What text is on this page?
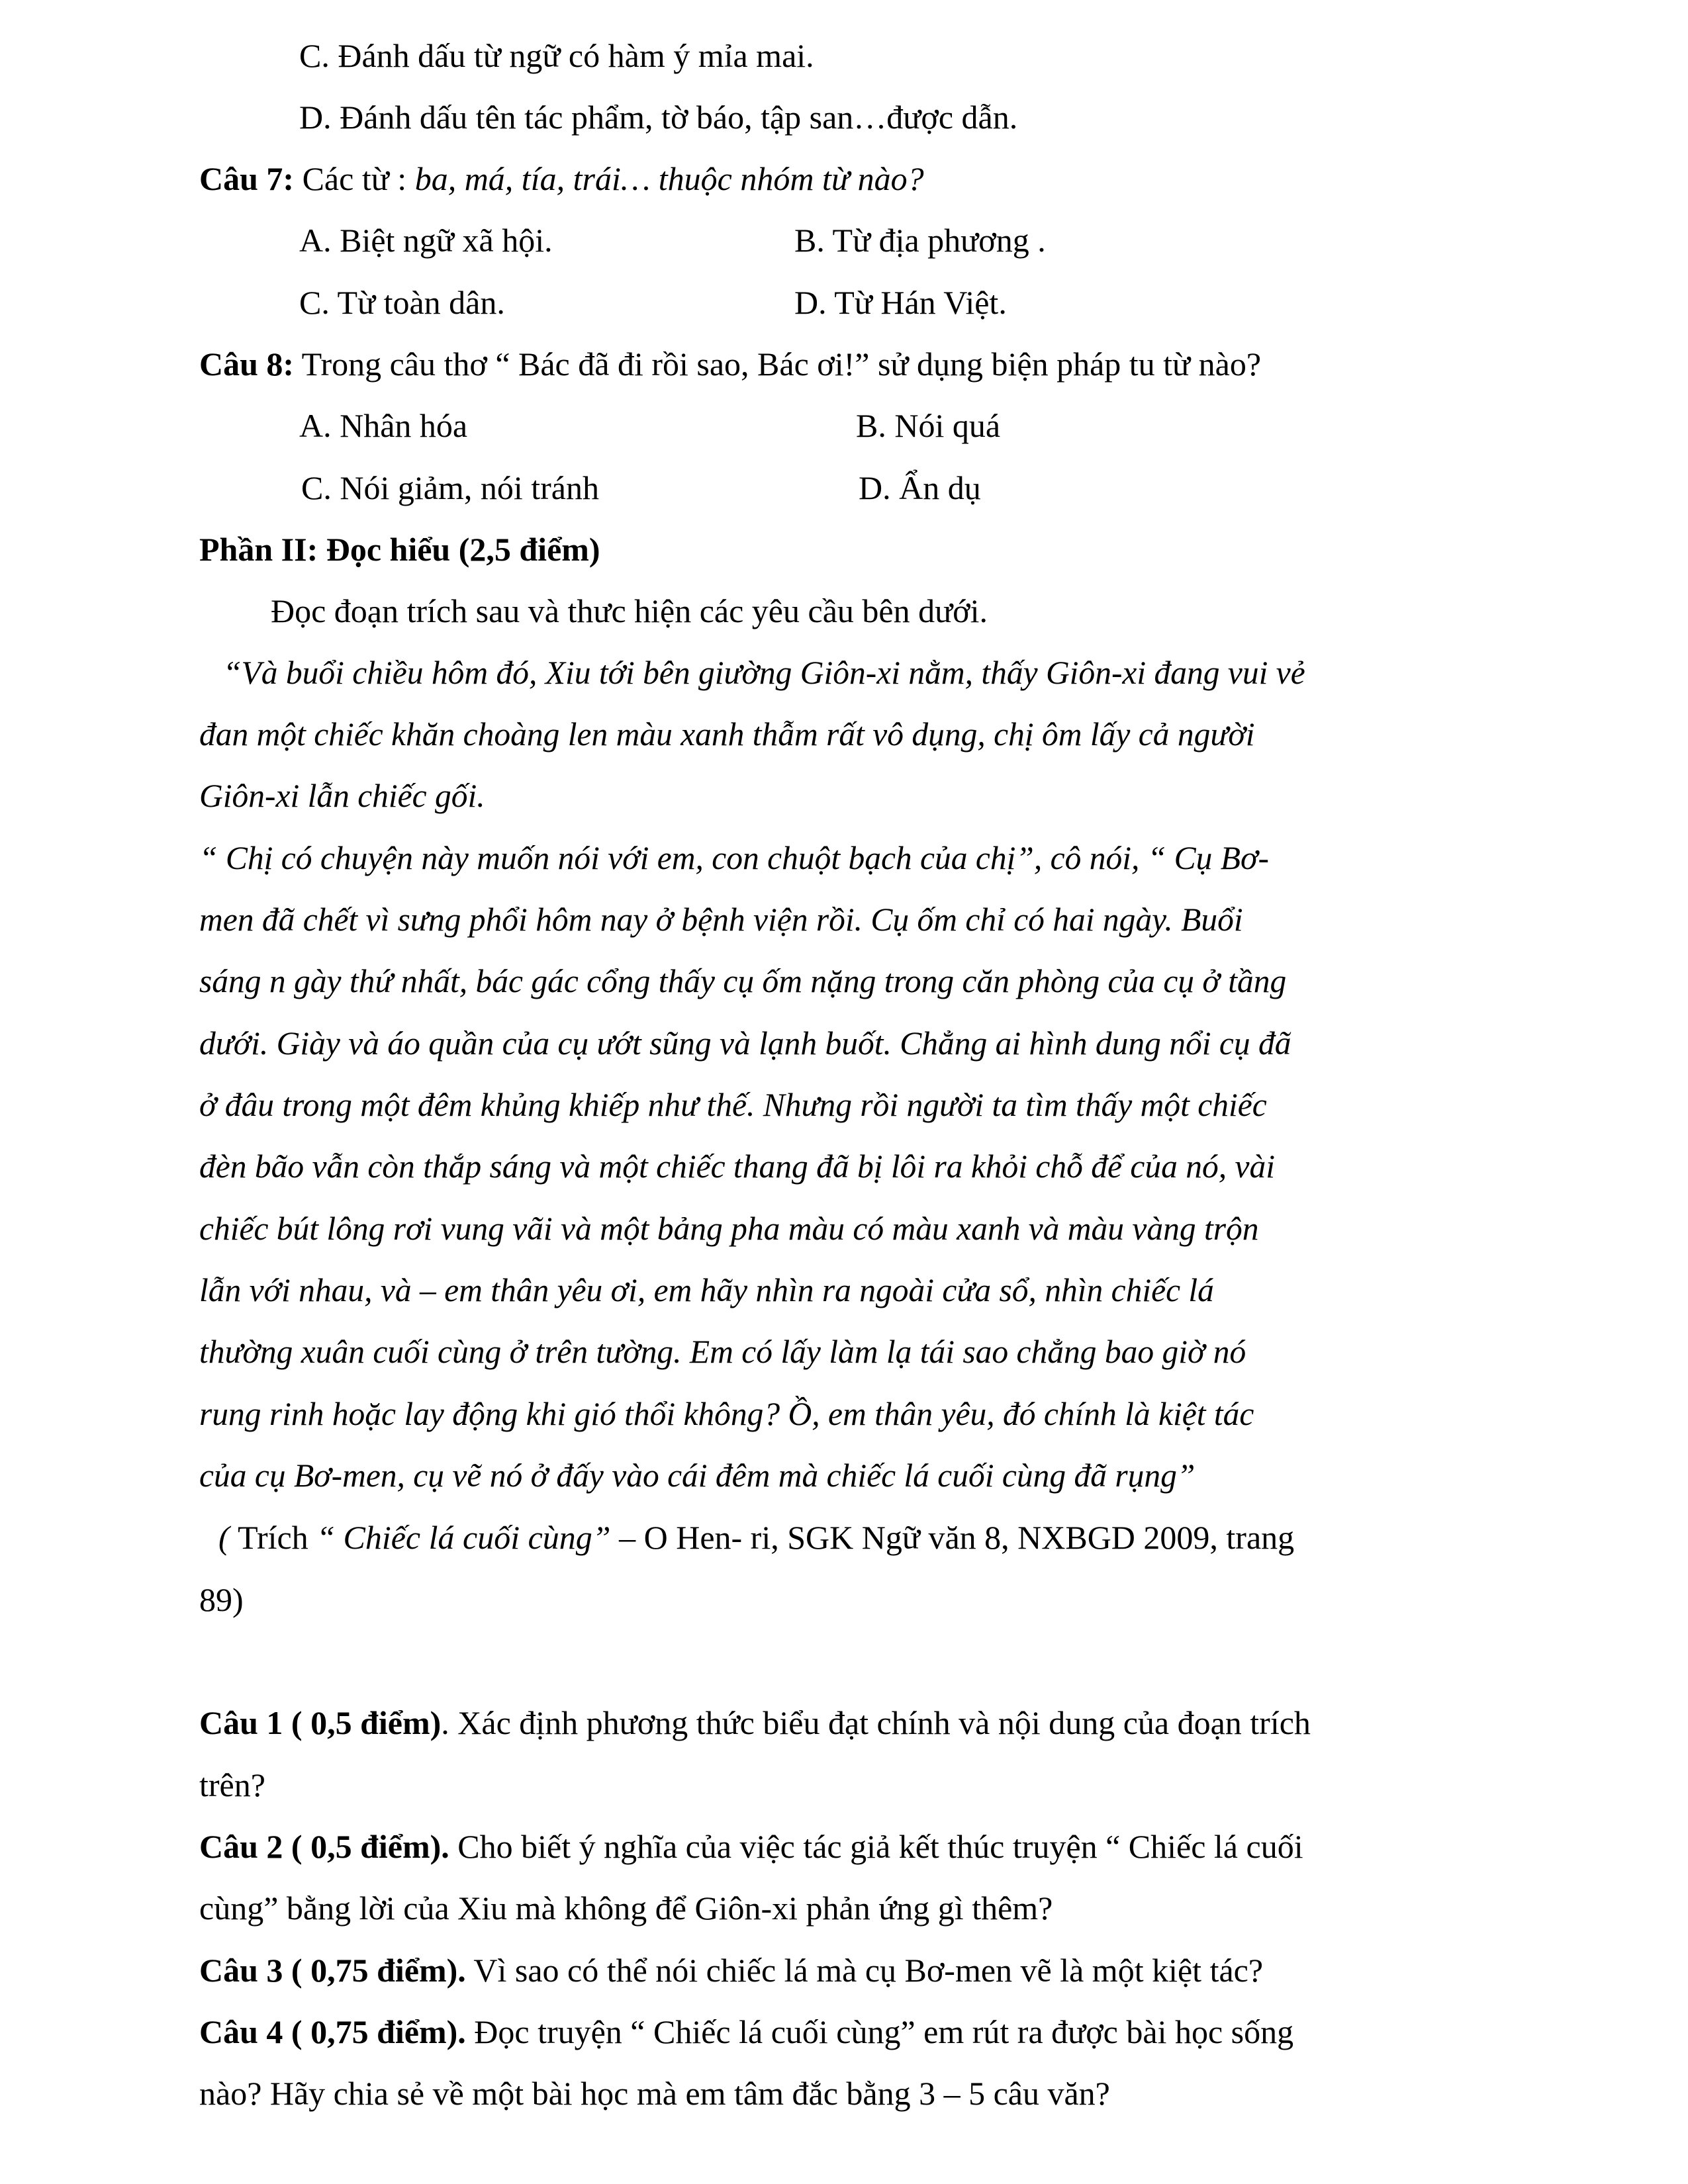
C. Đánh dấu từ ngữ có hàm ý mỉa mai.
D. Đánh dấu tên tác phẩm, tờ báo, tập san…được dẫn.
Câu 7: Các từ : ba, má, tía, trái… thuộc nhóm từ nào?
A. Biệt ngữ xã hội.	B. Từ địa phương .
C. Từ toàn dân.	D. Từ Hán Việt.
Câu 8: Trong câu thơ “ Bác đã đi rồi sao, Bác ơi!” sử dụng biện pháp tu từ nào?
A. Nhân hóa	B. Nói quá
C. Nói giảm, nói tránh	D. Ẩn dụ
Phần II: Đọc hiểu (2,5 điểm)
Đọc đoạn trích sau và thưc hiện các yêu cầu bên dưới.
“Và buổi chiều hôm đó, Xiu tới bên giường Giôn-xi nằm, thấy Giôn-xi đang vui vẻ
đan một chiếc khăn choàng len màu xanh thẫm rất vô dụng, chị ôm lấy cả người
Giôn-xi lẫn chiếc gối.
“ Chị có chuyện này muốn nói với em, con chuột bạch của chị”, cô nói, “ Cụ Bơ-
men đã chết vì sưng phổi hôm nay ở bệnh viện rồi. Cụ ốm chỉ có hai ngày. Buổi
sáng n gày thứ nhất, bác gác cổng thấy cụ ốm nặng trong căn phòng của cụ ở tầng
dưới. Giày và áo quần của cụ ướt sũng và lạnh buốt. Chẳng ai hình dung nổi cụ đã
ở đâu trong một đêm khủng khiếp như thế. Nhưng rồi người ta tìm thấy một chiếc
đèn bão vẫn còn thắp sáng và một chiếc thang đã bị lôi ra khỏi chỗ để của nó, vài
chiếc bút lông rơi vung vãi và một bảng pha màu có màu xanh và màu vàng trộn
lẫn với nhau, và – em thân yêu ơi, em hãy nhìn ra ngoài cửa sổ, nhìn chiếc lá
thường xuân cuối cùng ở trên tường. Em có lấy làm lạ tái sao chẳng bao giờ nó
rung rinh hoặc lay động khi gió thổi không? Ồ, em thân yêu, đó chính là kiệt tác
của cụ Bơ-men, cụ vẽ nó ở đấy vào cái đêm mà chiếc lá cuối cùng đã rụng”
( Trích “ Chiếc lá cuối cùng” – O Hen- ri, SGK Ngữ văn 8, NXBGD 2009, trang
89)
Câu 1 ( 0,5 điểm). Xác định phương thức biểu đạt chính và nội dung của đoạn trích
trên?
Câu 2 ( 0,5 điểm). Cho biết ý nghĩa của việc tác giả kết thúc truyện “ Chiếc lá cuối
cùng” bằng lời của Xiu mà không để Giôn-xi phản ứng gì thêm?
Câu 3 ( 0,75 điểm). Vì sao có thể nói chiếc lá mà cụ Bơ-men vẽ là một kiệt tác?
Câu 4 ( 0,75 điểm). Đọc truyện “ Chiếc lá cuối cùng” em rút ra được bài học sống
nào? Hãy chia sẻ về một bài học mà em tâm đắc bằng 3 – 5 câu văn?
